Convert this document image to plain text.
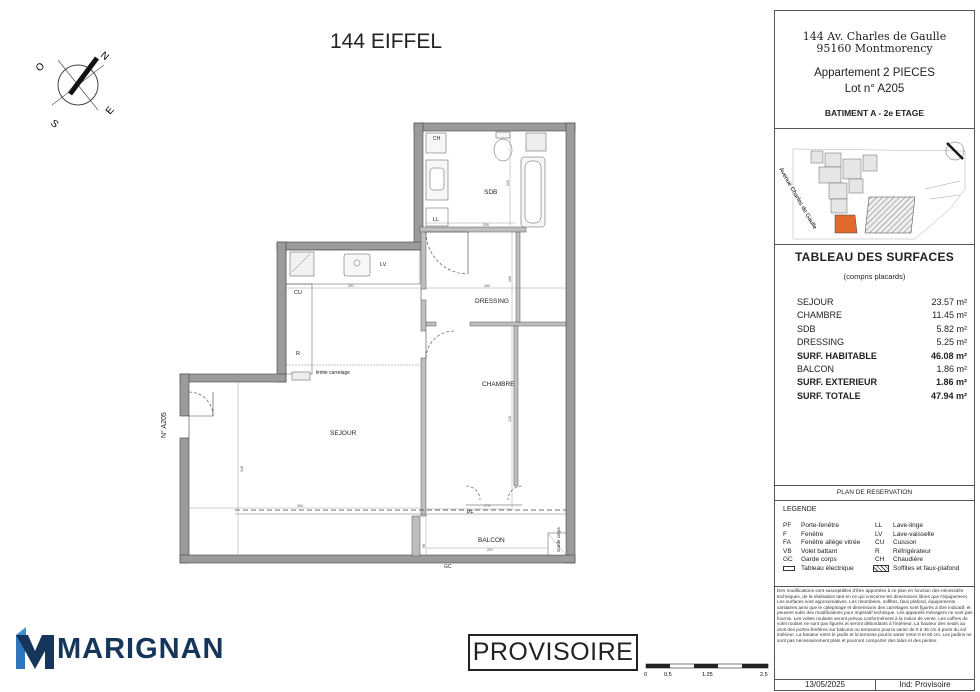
144 EIFFEL
N
E
S
O
SDB
DRESSING
CHAMBRE
SEJOUR
BALCON
CH
LL
LV
CU
R
PF
GC
limite carrelage
Garde corps
N° A205
330
220
291	280
169
410
394
348
279
221
96
144 Av. Charles de Gaulle
95160 Montmorency
Appartement 2 PIECES
Lot n° A205
BATIMENT A - 2e ETAGE
Avenue Charles de Gaulle
TABLEAU DES SURFACES
(compris placards)
SEJOUR	23.57 m²
CHAMBRE	11.45 m²
SDB	5.82 m²
DRESSING	5.25 m²
SURF. HABITABLE	46.08 m²
BALCON	1.86 m²
SURF. EXTERIEUR	1.86 m²
SURF. TOTALE	47.94 m²
PLAN DE RESERVATION
LEGENDE
PF Porte-fenêtre
F Fenêtre
FA Fenêtre allège vitrée
VB Volet battant
GC Garde corps
Tableau électrique
LL Lave-linge
LV Lave-vaisselle
CU Cuisson
R Réfrigérateur
CH Chaudière
Soffites et faux-plafond
Des modifications sont susceptibles d'être apportées à ce plan en fonction des nécessités techniques, de la réalisation tant en ce qui concerne les dimensions libres que l'équipement. Les surfaces sont approximatives. Les retombées, soffites, faux plafond, équipements sanitaires ainsi que le calepinage et dimensions des carrelages sont figurés à titre indicatif, et peuvent subir des modifications pour impératif technique. Les appareils ménagers ne sont pas fournis. Les volets roulants seront prévus conformément à la notice de vente. Les coffres de volet roulant ne sont pas figurés et seront débordants à l'intérieur. La hauteur des seuils au droit des portes-fenêtres sur balcons ou terrasses pourra varier de 5 à 35 cm à partir du sol intérieur. La hauteur entre le jardin et la terrasse pourra varier entre 0 et 60 cm. Les jardins ne sont pas nécessairement plats et pourront comporter des talus et des pentes.
13/05/2025	Ind: Provisoire
MARIGNAN	PROVISOIRE
0	0.5	1.25	2.5
